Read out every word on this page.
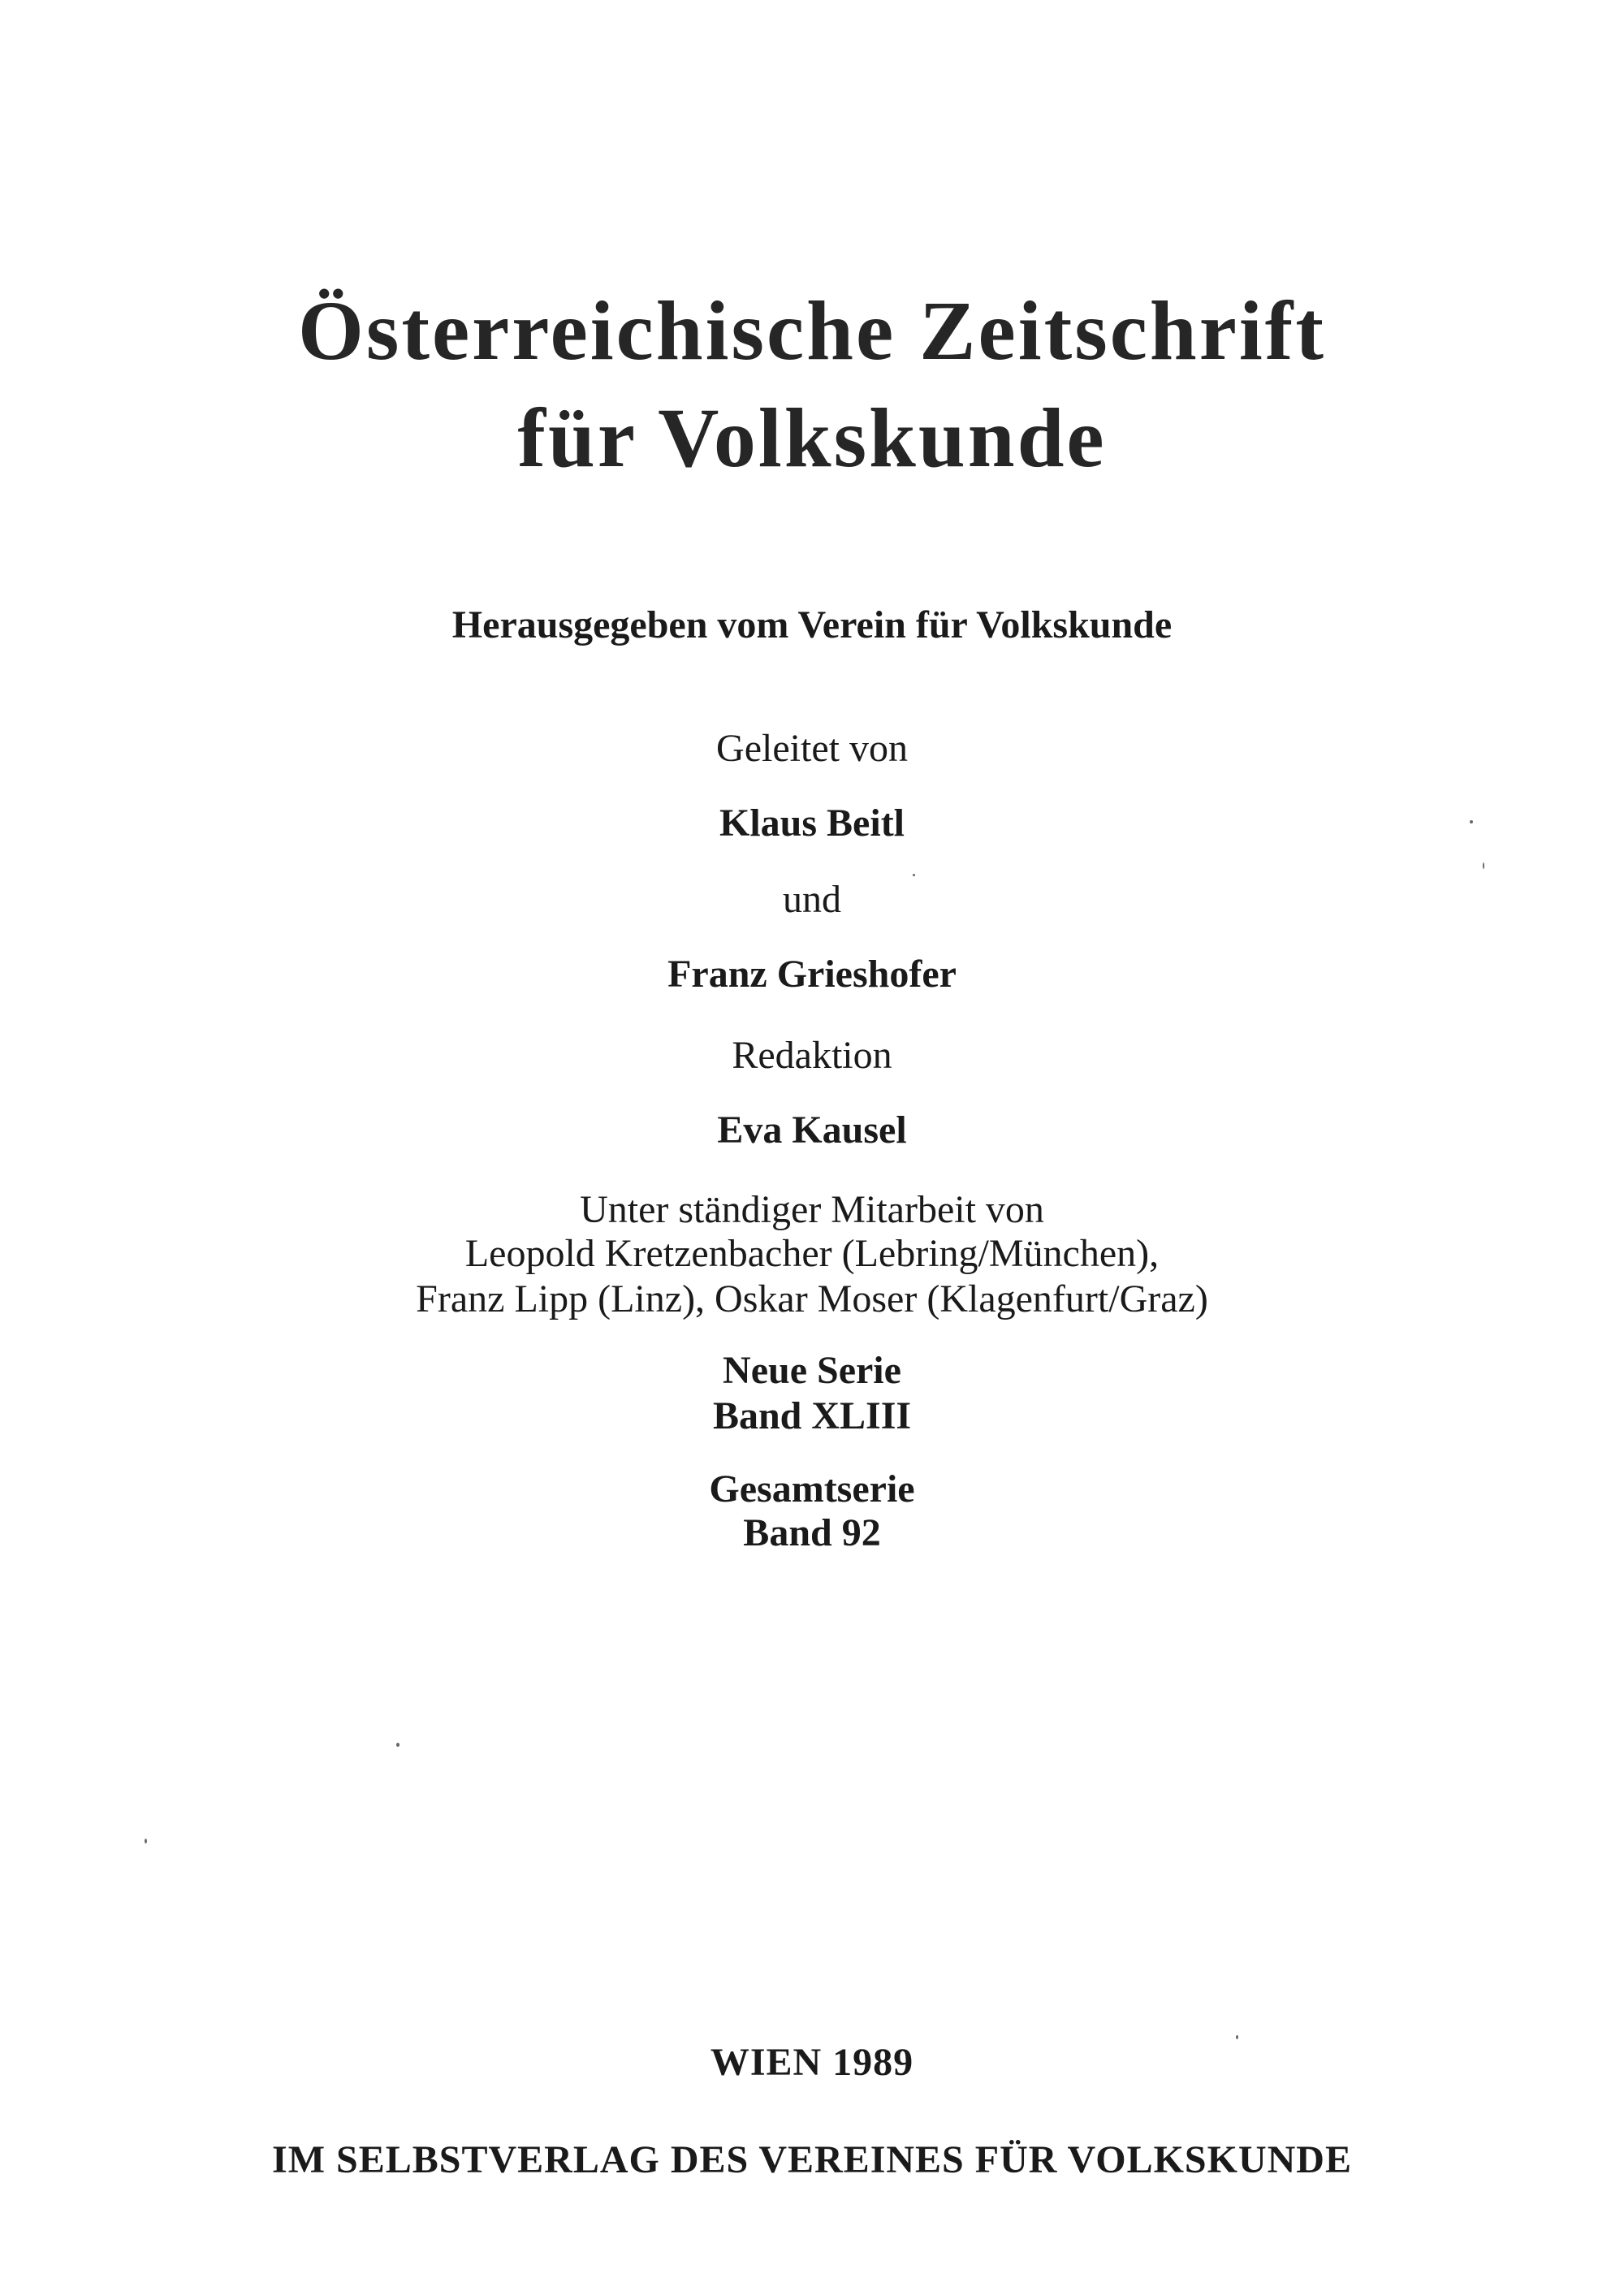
Österreichische Zeitschrift
für Volkskunde
Herausgegeben vom Verein für Volkskunde
Geleitet von
Klaus Beitl
und
Franz Grieshofer
Redaktion
Eva Kausel
Unter ständiger Mitarbeit von
Leopold Kretzenbacher (Lebring/München),
Franz Lipp (Linz), Oskar Moser (Klagenfurt/Graz)
Neue Serie
Band XLIII
Gesamtserie
Band 92
WIEN 1989
IM SELBSTVERLAG DES VEREINES FÜR VOLKSKUNDE
